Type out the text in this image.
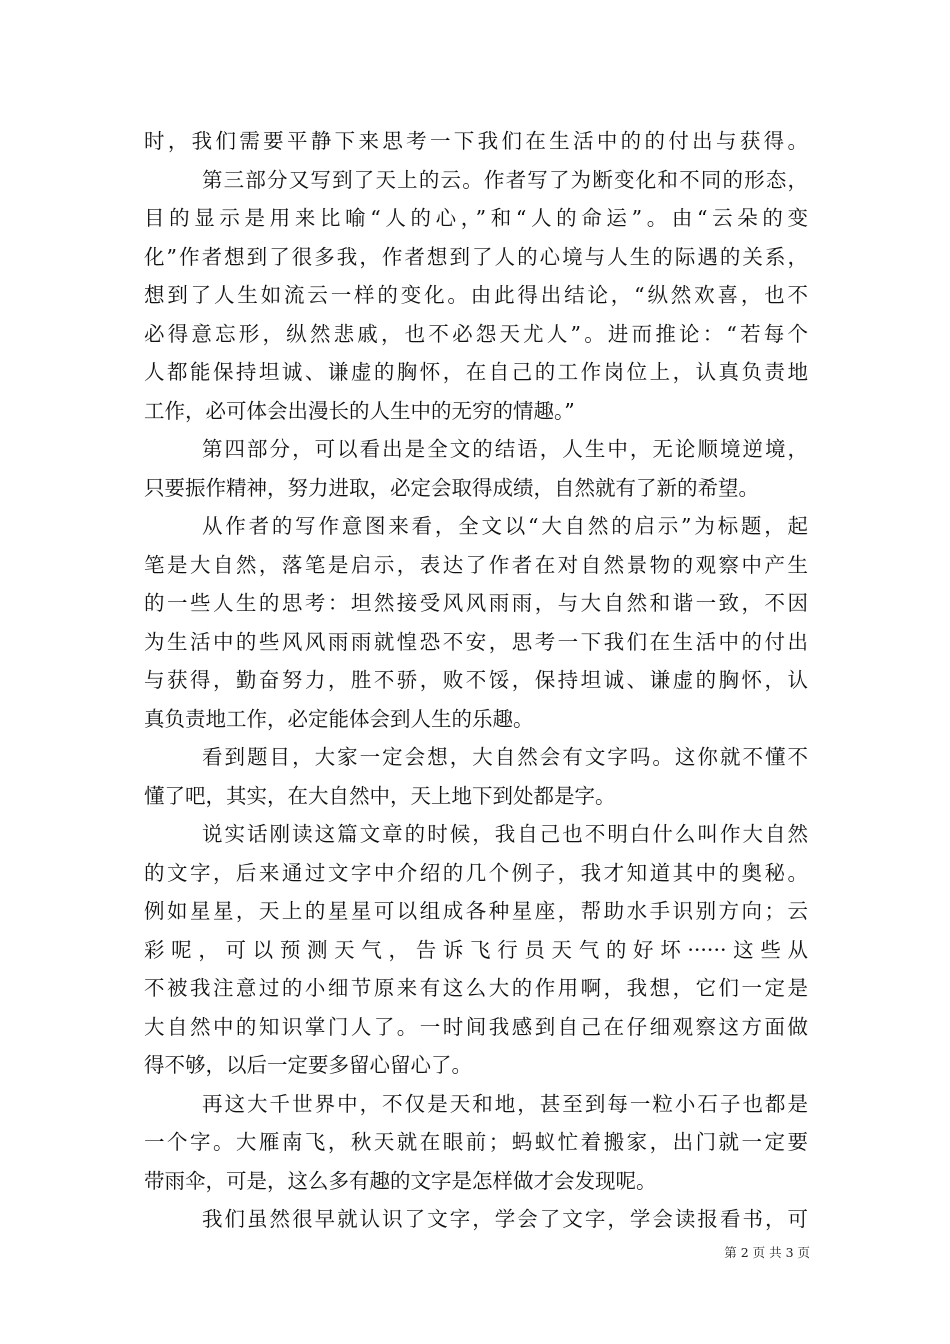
时，我们需要平静下来思考一下我们在生活中的的付出与获得。
第三部分又写到了天上的云。作者写了为断变化和不同的形态，
目的显示是用来比喻“人的心，”和“人的命运”。由“云朵的变
化”作者想到了很多我，作者想到了人的心境与人生的际遇的关系，
想到了人生如流云一样的变化。由此得出结论，“纵然欢喜，也不
必得意忘形，纵然悲戚，也不必怨天尤人”。进而推论：“若每个
人都能保持坦诚、谦虚的胸怀，在自己的工作岗位上，认真负责地
工作，必可体会出漫长的人生中的无穷的情趣。”
第四部分，可以看出是全文的结语，人生中，无论顺境逆境，
只要振作精神，努力进取，必定会取得成绩，自然就有了新的希望。
从作者的写作意图来看，全文以“大自然的启示”为标题，起
笔是大自然，落笔是启示，表达了作者在对自然景物的观察中产生
的一些人生的思考：坦然接受风风雨雨，与大自然和谐一致，不因
为生活中的些风风雨雨就惶恐不安，思考一下我们在生活中的付出
与获得，勤奋努力，胜不骄，败不馁，保持坦诚、谦虚的胸怀，认
真负责地工作，必定能体会到人生的乐趣。
看到题目，大家一定会想，大自然会有文字吗。这你就不懂不
懂了吧，其实，在大自然中，天上地下到处都是字。
说实话刚读这篇文章的时候，我自己也不明白什么叫作大自然
的文字，后来通过文字中介绍的几个例子，我才知道其中的奥秘。
例如星星，天上的星星可以组成各种星座，帮助水手识别方向；云
彩呢，可以预测天气，告诉飞行员天气的好坏······这些从
不被我注意过的小细节原来有这么大的作用啊，我想，它们一定是
大自然中的知识掌门人了。一时间我感到自己在仔细观察这方面做
得不够，以后一定要多留心留心了。
再这大千世界中，不仅是天和地，甚至到每一粒小石子也都是
一个字。大雁南飞，秋天就在眼前；蚂蚁忙着搬家，出门就一定要
带雨伞，可是，这么多有趣的文字是怎样做才会发现呢。
我们虽然很早就认识了文字，学会了文字，学会读报看书，可
第 2 页 共 3 页
